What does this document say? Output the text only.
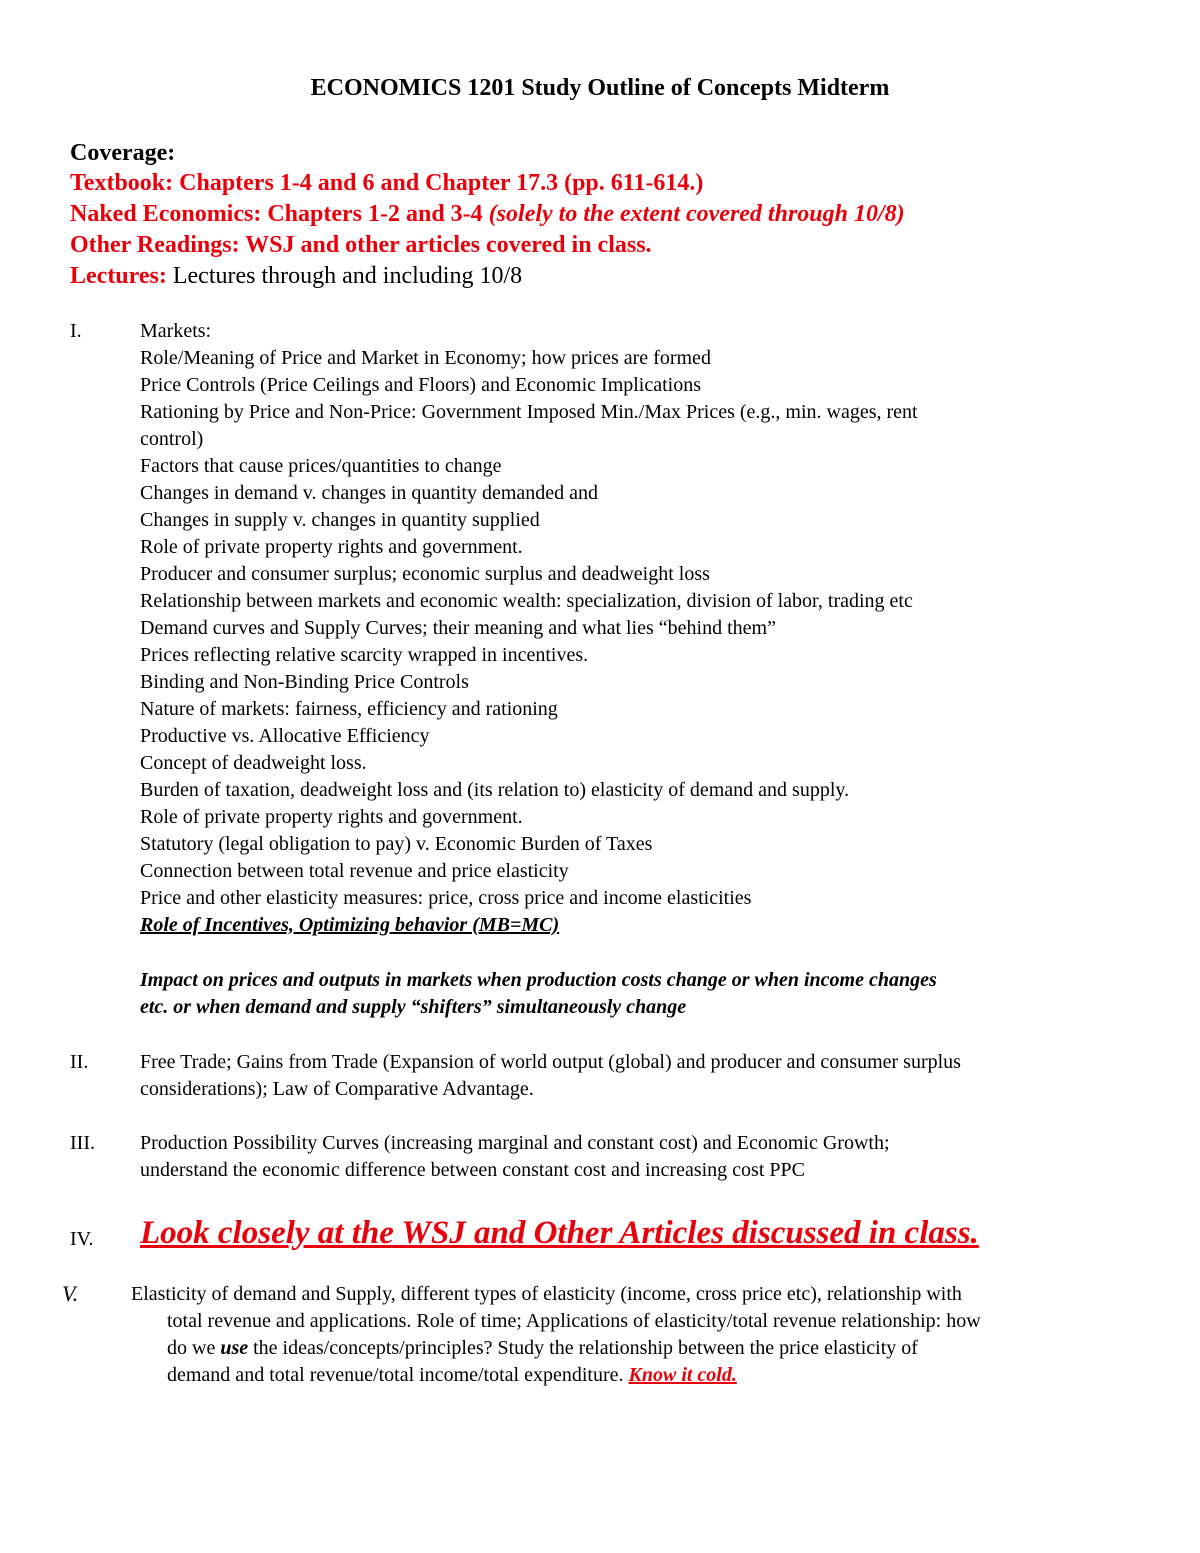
ECONOMICS 1201 Study Outline of Concepts Midterm
Coverage:
Textbook: Chapters 1-4 and 6 and Chapter 17.3 (pp. 611-614.)
Naked Economics: Chapters 1-2 and 3-4 (solely to the extent covered through 10/8)
Other Readings: WSJ and other articles covered in class.
Lectures: Lectures through and including 10/8
I.	Markets:
Role/Meaning of Price and Market in Economy; how prices are formed
Price Controls (Price Ceilings and Floors) and Economic Implications
Rationing by Price and Non-Price: Government Imposed Min./Max Prices (e.g., min. wages, rent
control)
Factors that cause prices/quantities to change
Changes in demand v. changes in quantity demanded and
Changes in supply v. changes in quantity supplied
Role of private property rights and government.
Producer and consumer surplus; economic surplus and deadweight loss
Relationship between markets and economic wealth: specialization, division of labor, trading etc
Demand curves and Supply Curves; their meaning and what lies “behind them”
Prices reflecting relative scarcity wrapped in incentives.
Binding and Non-Binding Price Controls
Nature of markets: fairness, efficiency and rationing
Productive vs. Allocative Efficiency
Concept of deadweight loss.
Burden of taxation, deadweight loss and (its relation to) elasticity of demand and supply.
Role of private property rights and government.
Statutory (legal obligation to pay) v. Economic Burden of Taxes
Connection between total revenue and price elasticity
Price and other elasticity measures: price, cross price and income elasticities
Role of Incentives, Optimizing behavior (MB=MC)
Impact on prices and outputs in markets when production costs change or when income changes
etc. or when demand and supply “shifters” simultaneously change
II.	Free Trade; Gains from Trade (Expansion of world output (global) and producer and consumer surplus
considerations); Law of Comparative Advantage.
III. Production Possibility Curves (increasing marginal and constant cost) and Economic Growth;
understand the economic difference between constant cost and increasing cost PPC
IV. Look closely at the WSJ and Other Articles discussed in class.
V.	Elasticity of demand and Supply, different types of elasticity (income, cross price etc), relationship with
total revenue and applications. Role of time; Applications of elasticity/total revenue relationship: how
do we use the ideas/concepts/principles? Study the relationship between the price elasticity of
demand and total revenue/total income/total expenditure. Know it cold.
